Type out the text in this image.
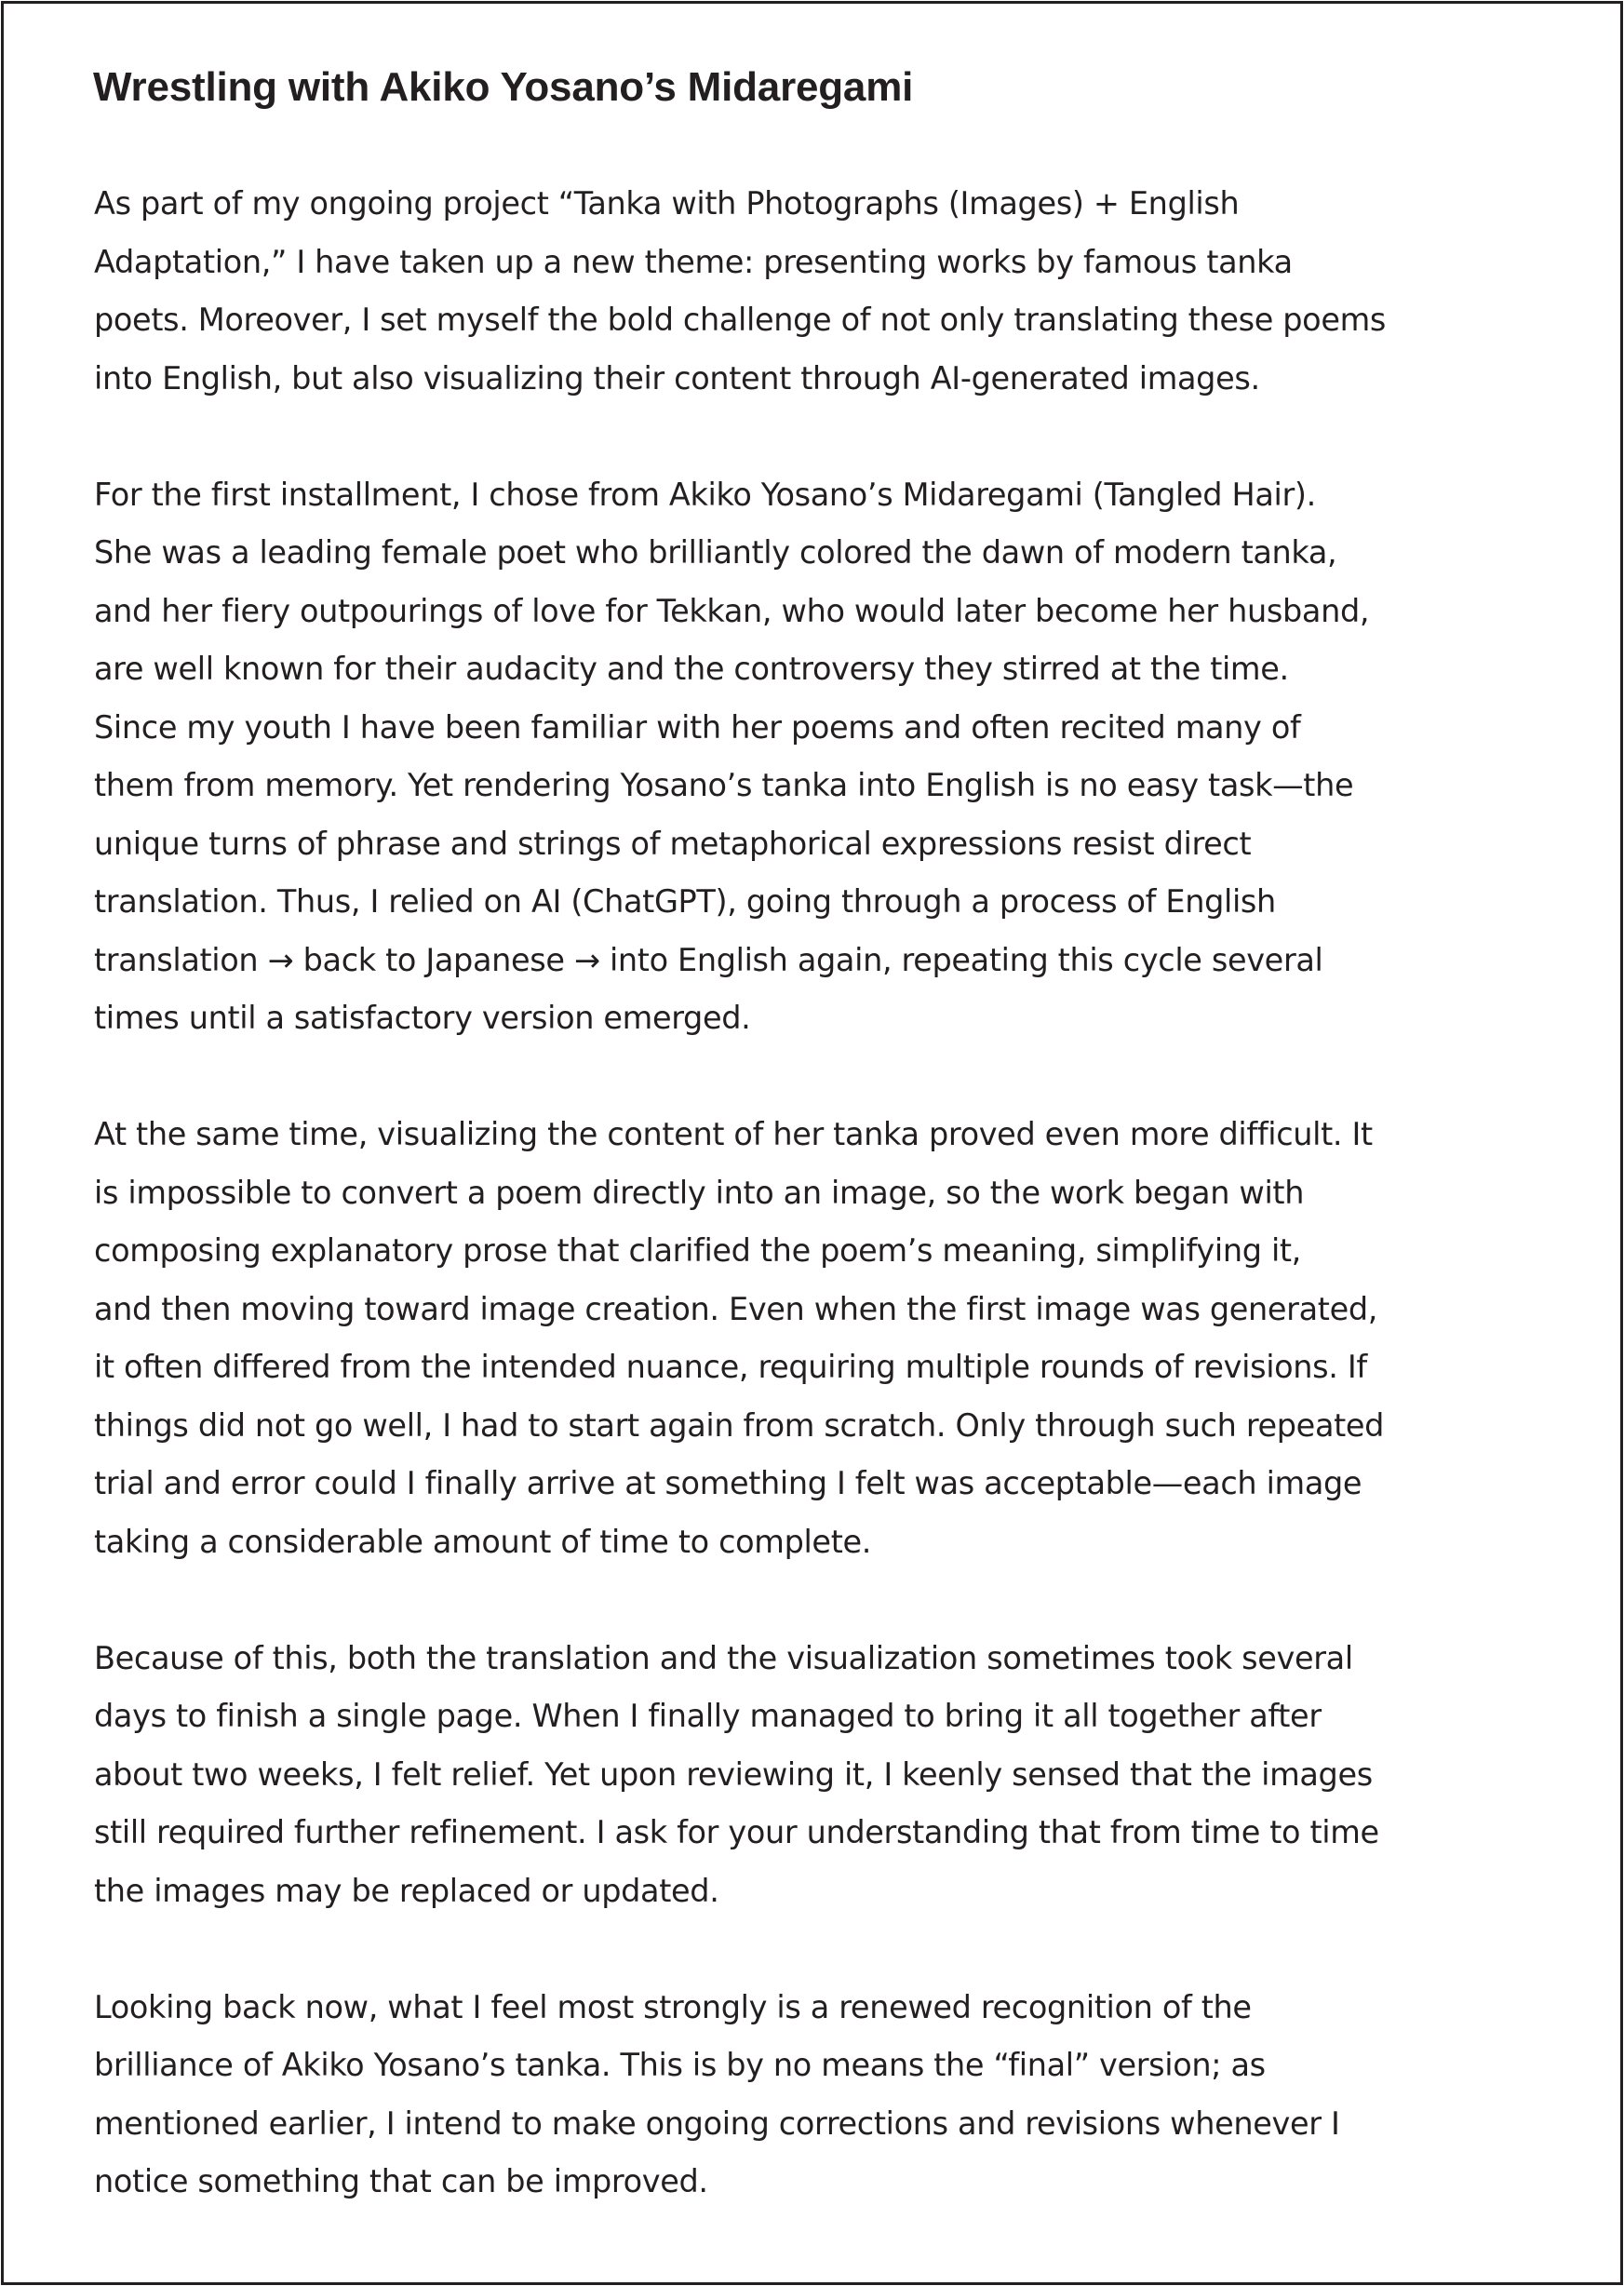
Wrestling with Akiko Yosano’s Midaregami

As part of my ongoing project “Tanka with Photographs (Images) + English
Adaptation,” I have taken up a new theme: presenting works by famous tanka
poets. Moreover, I set myself the bold challenge of not only translating these poems
into English, but also visualizing their content through AI-generated images.

For the first installment, I chose from Akiko Yosano’s Midaregami (Tangled Hair).
She was a leading female poet who brilliantly colored the dawn of modern tanka,
and her fiery outpourings of love for Tekkan, who would later become her husband,
are well known for their audacity and the controversy they stirred at the time.
Since my youth I have been familiar with her poems and often recited many of
them from memory. Yet rendering Yosano’s tanka into English is no easy task—the
unique turns of phrase and strings of metaphorical expressions resist direct
translation. Thus, I relied on AI (ChatGPT), going through a process of English
translation → back to Japanese → into English again, repeating this cycle several
times until a satisfactory version emerged.

At the same time, visualizing the content of her tanka proved even more difficult. It
is impossible to convert a poem directly into an image, so the work began with
composing explanatory prose that clarified the poem’s meaning, simplifying it,
and then moving toward image creation. Even when the first image was generated,
it often differed from the intended nuance, requiring multiple rounds of revisions. If
things did not go well, I had to start again from scratch. Only through such repeated
trial and error could I finally arrive at something I felt was acceptable—each image
taking a considerable amount of time to complete.

Because of this, both the translation and the visualization sometimes took several
days to finish a single page. When I finally managed to bring it all together after
about two weeks, I felt relief. Yet upon reviewing it, I keenly sensed that the images
still required further refinement. I ask for your understanding that from time to time
the images may be replaced or updated.

Looking back now, what I feel most strongly is a renewed recognition of the
brilliance of Akiko Yosano’s tanka. This is by no means the “final” version; as
mentioned earlier, I intend to make ongoing corrections and revisions whenever I
notice something that can be improved.
